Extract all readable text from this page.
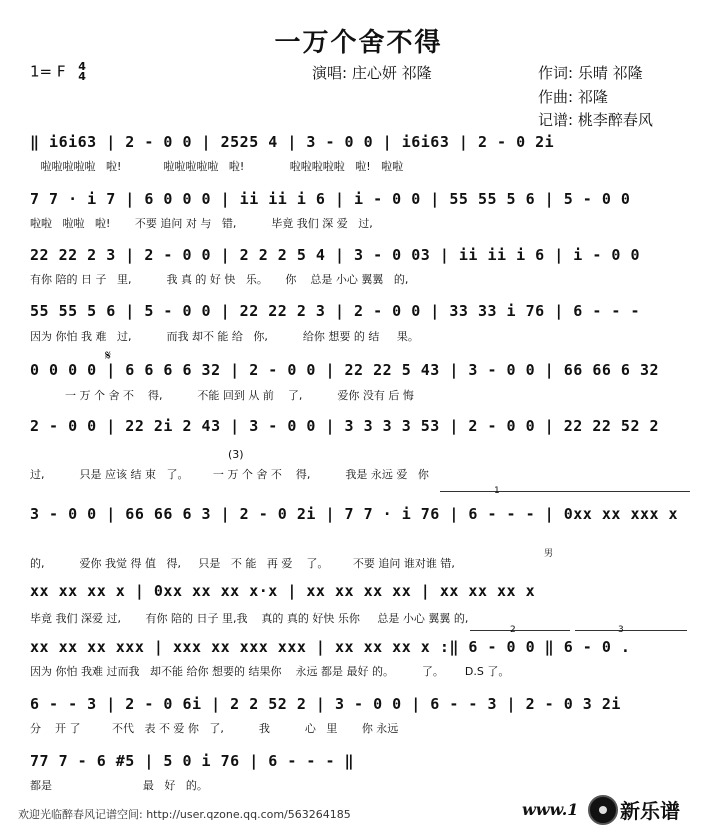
一万个舍不得
1= F 4
4	演唱: 庄心妍 祁隆	作词: 乐晴 祁隆
作曲: 祁隆
记谱: 桃李醉春风
‖ i6i63 | 2 - 0 0 | 2525 4 | 3 - 0 0 | i6i63 | 2 - 0 2i
啦啦啦啦啦   啦!            啦啦啦啦啦   啦!             啦啦啦啦啦   啦!   啦啦
7 7 · i 7 | 6 0 0 0 | ii ii i 6 | i - 0 0 | 55 55 5 6 | 5 - 0 0
啦啦   啦啦   啦!       不要 追问 对 与   错,          毕竟 我们 深 爱   过,
22 22 2 3 | 2 - 0 0 | 2 2 2 5 4 | 3 - 0 03 | ii ii i 6 | i - 0 0
有你 陪的 日 子   里,          我 真 的 好 快   乐。     你    总是 小心 翼翼   的,
55 55 5 6 | 5 - 0 0 | 22 22 2 3 | 2 - 0 0 | 33 33 i 76 | 6 - - -
因为 你怕 我 难   过,          而我 却不 能 给   你,          给你 想要 的 结     果。
𝄋
0 0 0 0 | 6 6 6 6 32 | 2 - 0 0 | 22 22 5 43 | 3 - 0 0 | 66 66 6 32
一 万 个 舍 不    得,          不能 回到 从 前    了,          爱你 没有 后 悔
2 - 0 0 | 22 2i 2 43 | 3 - 0 0 | 3 3 3 3 53 | 2 - 0 0 | 22 22 52 2
过,          只是 应该 结 束   了。       一 万 个 舍 不    得,          我是 永远 爱   你
(3)
1
3 - 0 0 | 66 66 6 3 | 2 - 0 2i | 7 7 · i 76 | 6 - - - | 0xx xx xxx x
的,          爱你 我觉 得 值   得,     只是   不 能   再 爱    了。       不要 追问 谁对谁 错,
男
xx xx xx x | 0xx xx xx x·x | xx xx xx xx | xx xx xx x
毕竟 我们 深爱 过,       有你 陪的 日子 里,我    真的 真的 好快 乐你     总是 小心 翼翼 的,
2	3
xx xx xx xxx | xxx xx xxx xxx | xx xx xx x :‖ 6 - 0 0 ‖ 6 - 0 .
因为 你怕 我难 过而我   却不能 给你 想要的 结果你    永远 都是 最好 的。        了。      D.S 了。
6 - - 3 | 2 - 0 6i | 2 2 52 2 | 3 - 0 0 | 6 - - 3 | 2 - 0 3 2i
分    开 了         不代   表 不 爱 你   了,          我          心   里       你 永远
77 7 - 6 #5 | 5 0 i 76 | 6 - - - ‖
都是                          最   好   的。
欢迎光临醉春风记谱空间: http://user.qzone.qq.com/563264185	www.1 新乐谱
